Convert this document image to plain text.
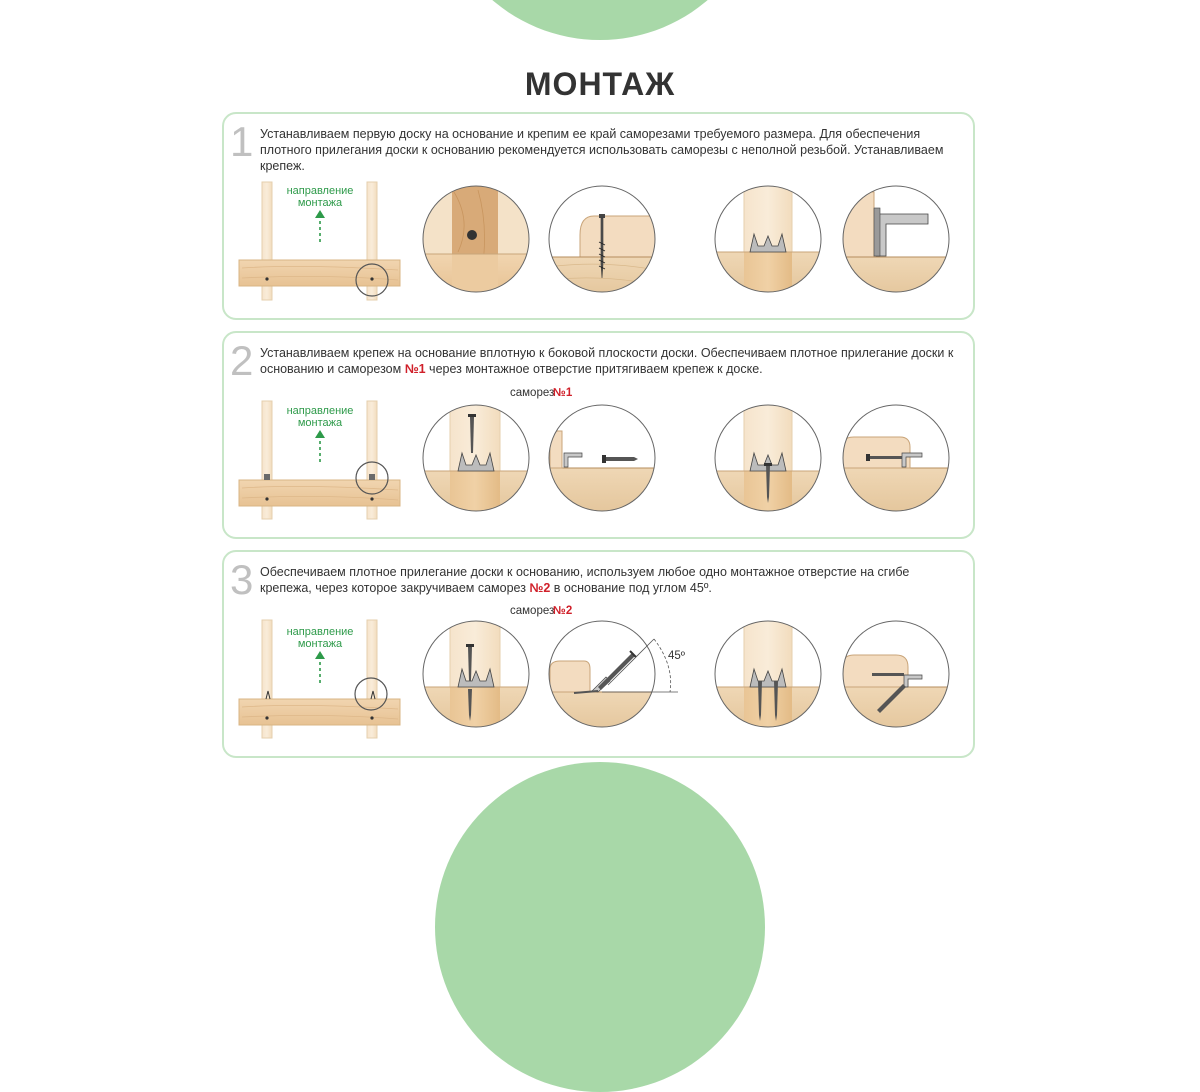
МОНТАЖ
1 Устанавливаем первую доску на основание и крепим ее край саморезами требуемого размера. Для обеспечения плотного прилегания доски к основанию рекомендуется использовать саморезы с неполной резьбой. Устанавливаем крепеж.
направление
монтажа
2 Устанавливаем крепеж на основание вплотную к боковой плоскости доски. Обеспечиваем плотное прилегание доски к основанию и саморезом №1 через монтажное отверстие притягиваем крепеж к доске.
направление
монтажа
саморез
№1
3 Обеспечиваем плотное прилегание доски к основанию, используем любое одно монтажное отверстие на сгибе крепежа, через которое закручиваем саморез №2 в основание под углом 45º.
направление
монтажа
саморез
№2
45º
